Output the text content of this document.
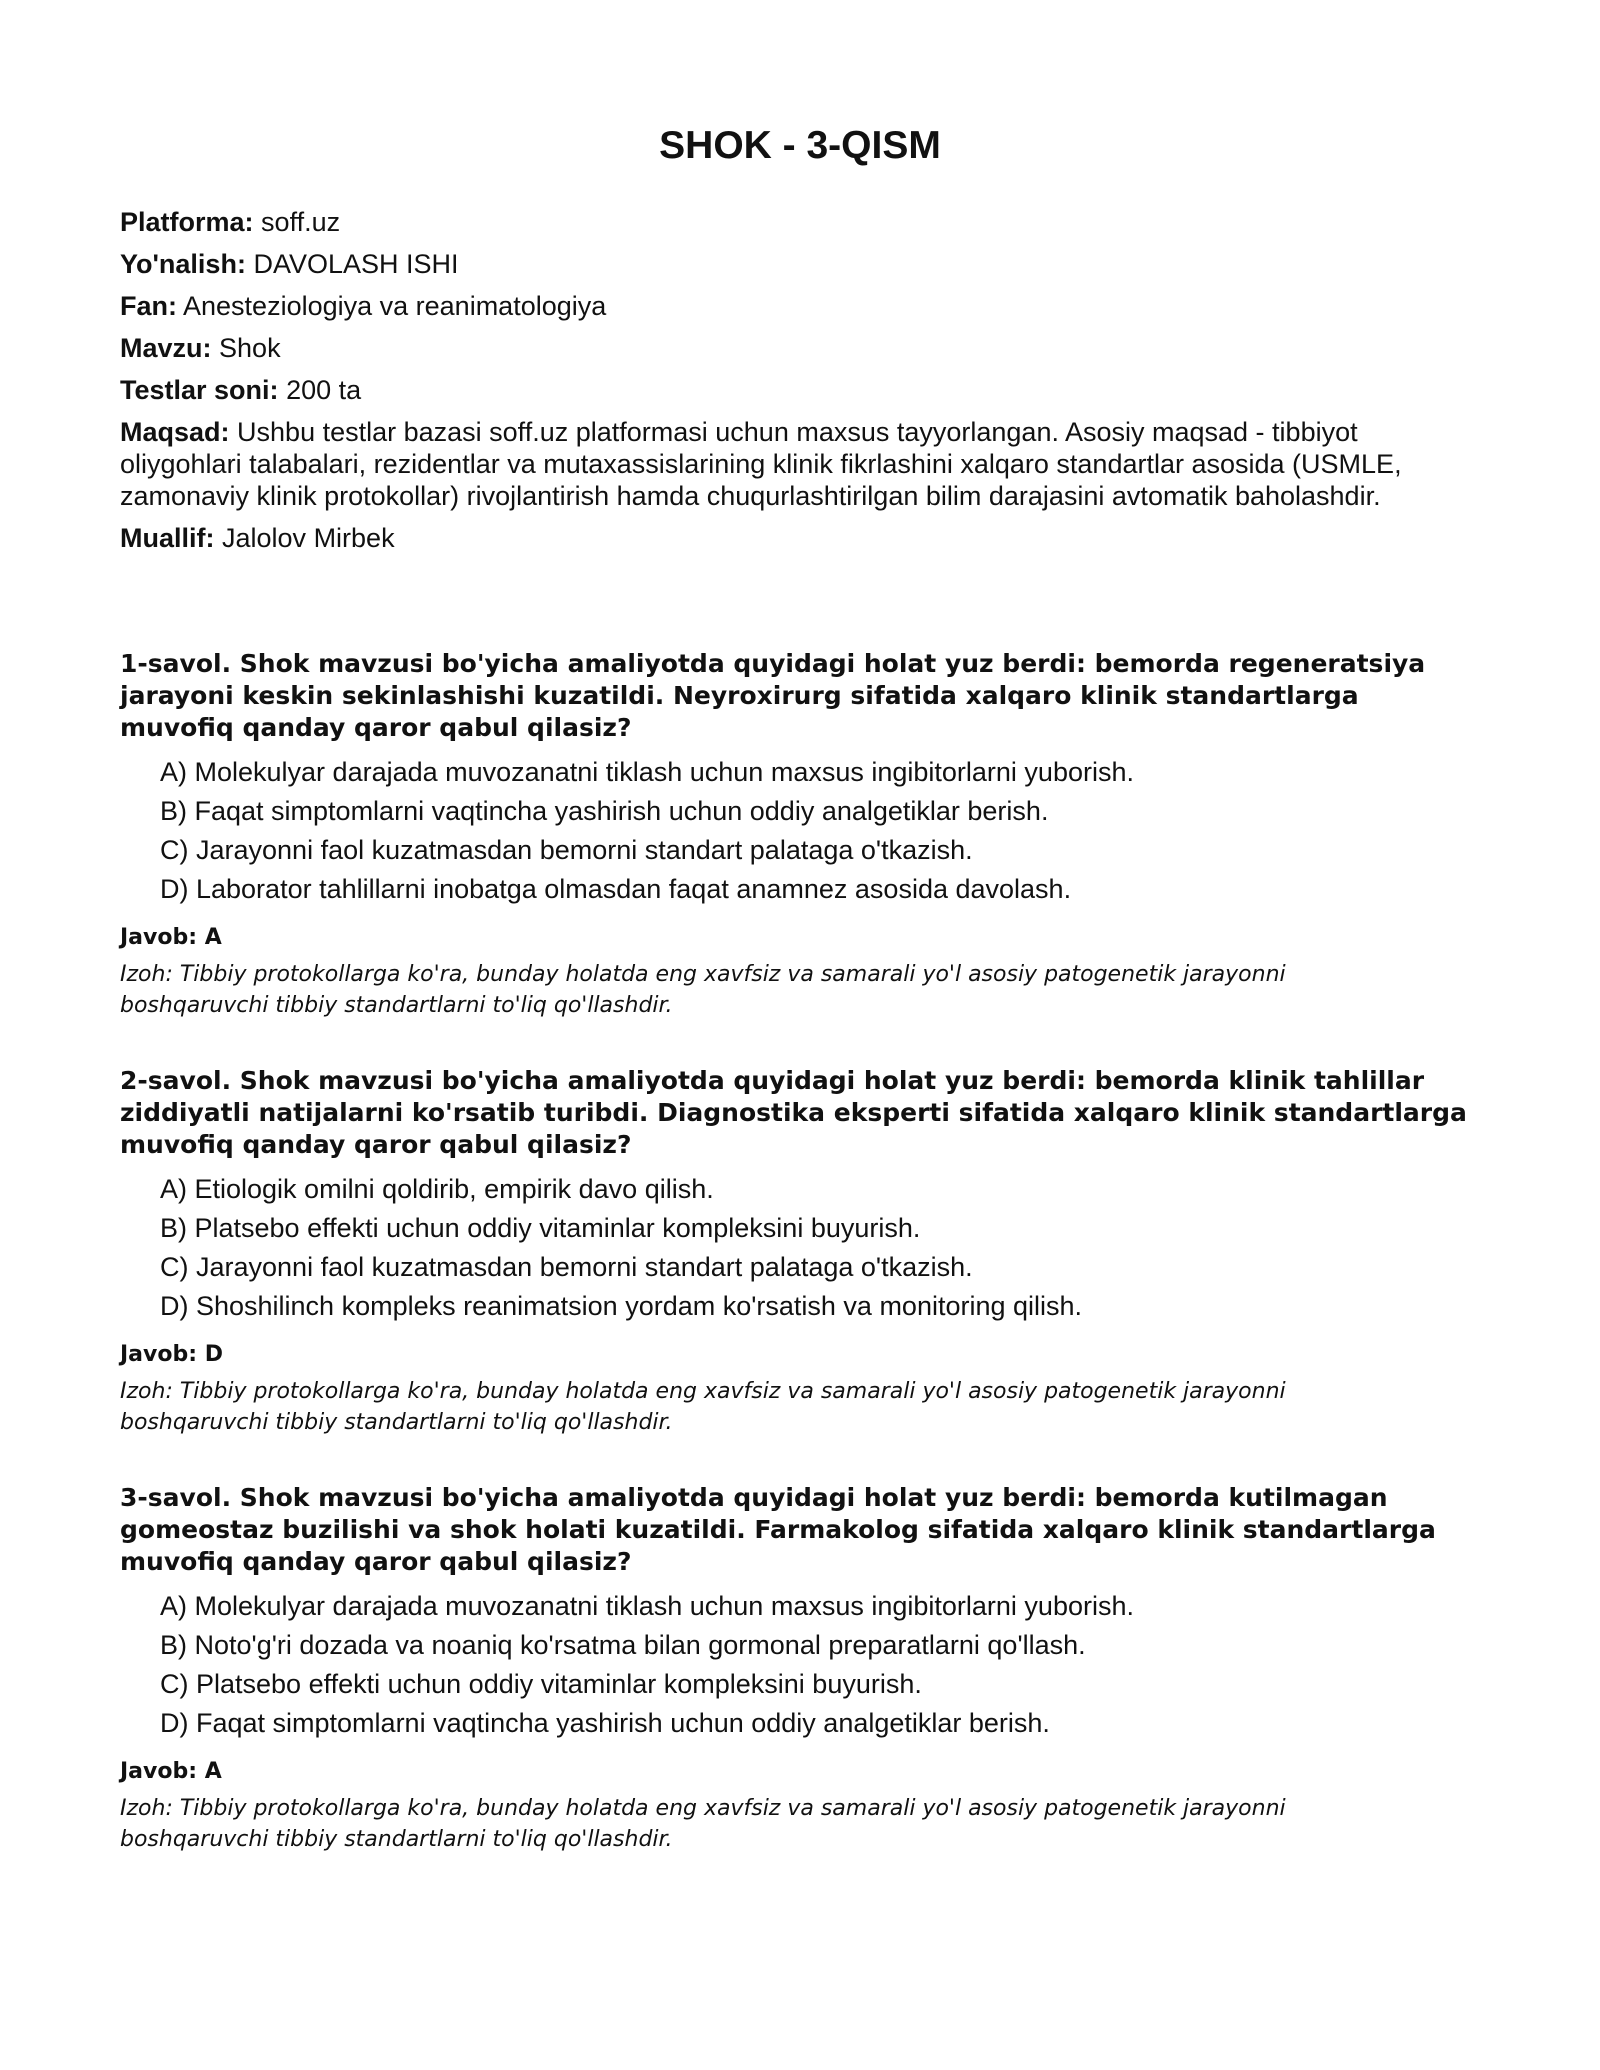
SHOK - 3-QISM

Platforma: soff.uz

Yo'nalish: DAVOLASH ISHI

Fan: Anesteziologiya va reanimatologiya

Mavzu: Shok

Testlar soni: 200 ta

Maqsad: Ushbu testlar bazasi soff.uz platformasi uchun maxsus tayyorlangan. Asosiy maqsad - tibbiyot oliygohlari talabalari, rezidentlar va mutaxassislarining klinik fikrlashini xalqaro standartlar asosida (USMLE, zamonaviy klinik protokollar) rivojlantirish hamda chuqurlashtirilgan bilim darajasini avtomatik baholashdir.

Muallif: Jalolov Mirbek

1-savol. Shok mavzusi bo'yicha amaliyotda quyidagi holat yuz berdi: bemorda regeneratsiya jarayoni keskin sekinlashishi kuzatildi. Neyroxirurg sifatida xalqaro klinik standartlarga muvofiq qanday qaror qabul qilasiz?

A) Molekulyar darajada muvozanatni tiklash uchun maxsus ingibitorlarni yuborish.
B) Faqat simptomlarni vaqtincha yashirish uchun oddiy analgetiklar berish.
C) Jarayonni faol kuzatmasdan bemorni standart palataga o'tkazish.
D) Laborator tahlillarni inobatga olmasdan faqat anamnez asosida davolash.

Javob: A

Izoh: Tibbiy protokollarga ko'ra, bunday holatda eng xavfsiz va samarali yo'l asosiy patogenetik jarayonni boshqaruvchi tibbiy standartlarni to'liq qo'llashdir.

2-savol. Shok mavzusi bo'yicha amaliyotda quyidagi holat yuz berdi: bemorda klinik tahlillar ziddiyatli natijalarni ko'rsatib turibdi. Diagnostika eksperti sifatida xalqaro klinik standartlarga muvofiq qanday qaror qabul qilasiz?

A) Etiologik omilni qoldirib, empirik davo qilish.
B) Platsebo effekti uchun oddiy vitaminlar kompleksini buyurish.
C) Jarayonni faol kuzatmasdan bemorni standart palataga o'tkazish.
D) Shoshilinch kompleks reanimatsion yordam ko'rsatish va monitoring qilish.

Javob: D

Izoh: Tibbiy protokollarga ko'ra, bunday holatda eng xavfsiz va samarali yo'l asosiy patogenetik jarayonni boshqaruvchi tibbiy standartlarni to'liq qo'llashdir.

3-savol. Shok mavzusi bo'yicha amaliyotda quyidagi holat yuz berdi: bemorda kutilmagan gomeostaz buzilishi va shok holati kuzatildi. Farmakolog sifatida xalqaro klinik standartlarga muvofiq qanday qaror qabul qilasiz?

A) Molekulyar darajada muvozanatni tiklash uchun maxsus ingibitorlarni yuborish.
B) Noto'g'ri dozada va noaniq ko'rsatma bilan gormonal preparatlarni qo'llash.
C) Platsebo effekti uchun oddiy vitaminlar kompleksini buyurish.
D) Faqat simptomlarni vaqtincha yashirish uchun oddiy analgetiklar berish.

Javob: A

Izoh: Tibbiy protokollarga ko'ra, bunday holatda eng xavfsiz va samarali yo'l asosiy patogenetik jarayonni boshqaruvchi tibbiy standartlarni to'liq qo'llashdir.
